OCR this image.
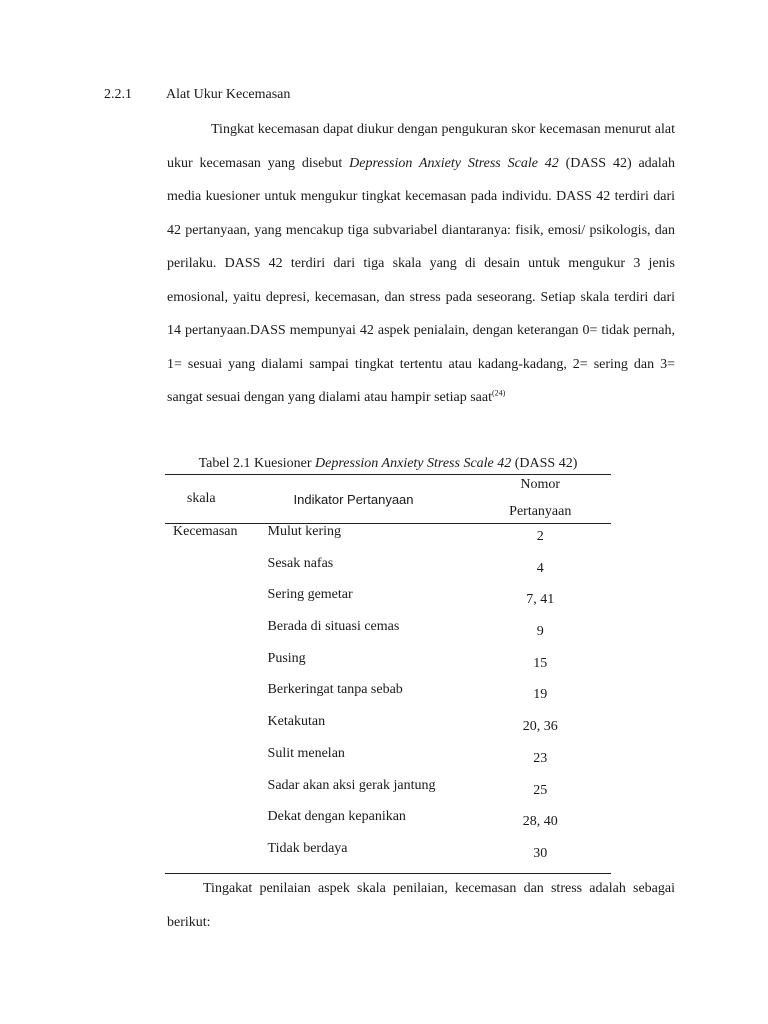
2.2.1 Alat Ukur Kecemasan

Tingkat kecemasan dapat diukur dengan pengukuran skor kecemasan menurut alat ukur kecemasan yang disebut Depression Anxiety Stress Scale 42 (DASS 42) adalah media kuesioner untuk mengukur tingkat kecemasan pada individu. DASS 42 terdiri dari 42 pertanyaan, yang mencakup tiga subvariabel diantaranya: fisik, emosi/ psikologis, dan perilaku. DASS 42 terdiri dari tiga skala yang di desain untuk mengukur 3 jenis emosional, yaitu depresi, kecemasan, dan stress pada seseorang. Setiap skala terdiri dari 14 pertanyaan.DASS mempunyai 42 aspek penialain, dengan keterangan 0= tidak pernah, 1= sesuai yang dialami sampai tingkat tertentu atau kadang-kadang, 2= sering dan 3= sangat sesuai dengan yang dialami atau hampir setiap saat$^{(24)}$

Tabel 2.1 Kuesioner Depression Anxiety Stress Scale 42 (DASS 42)
skala	Indikator Pertanyaan	Nomor
Pertanyaan

Kecemasan	Mulut kering	2
	Sesak nafas	4
	Sering gemetar	7, 41
	Berada di situasi cemas	9
	Pusing	15
	Berkeringat tanpa sebab	19
	Ketakutan	20, 36
	Sulit menelan	23
	Sadar akan aksi gerak jantung	25
	Dekat dengan kepanikan	28, 40
	Tidak berdaya	30

Tingakat penilaian aspek skala penilaian, kecemasan dan stress adalah sebagai berikut:
